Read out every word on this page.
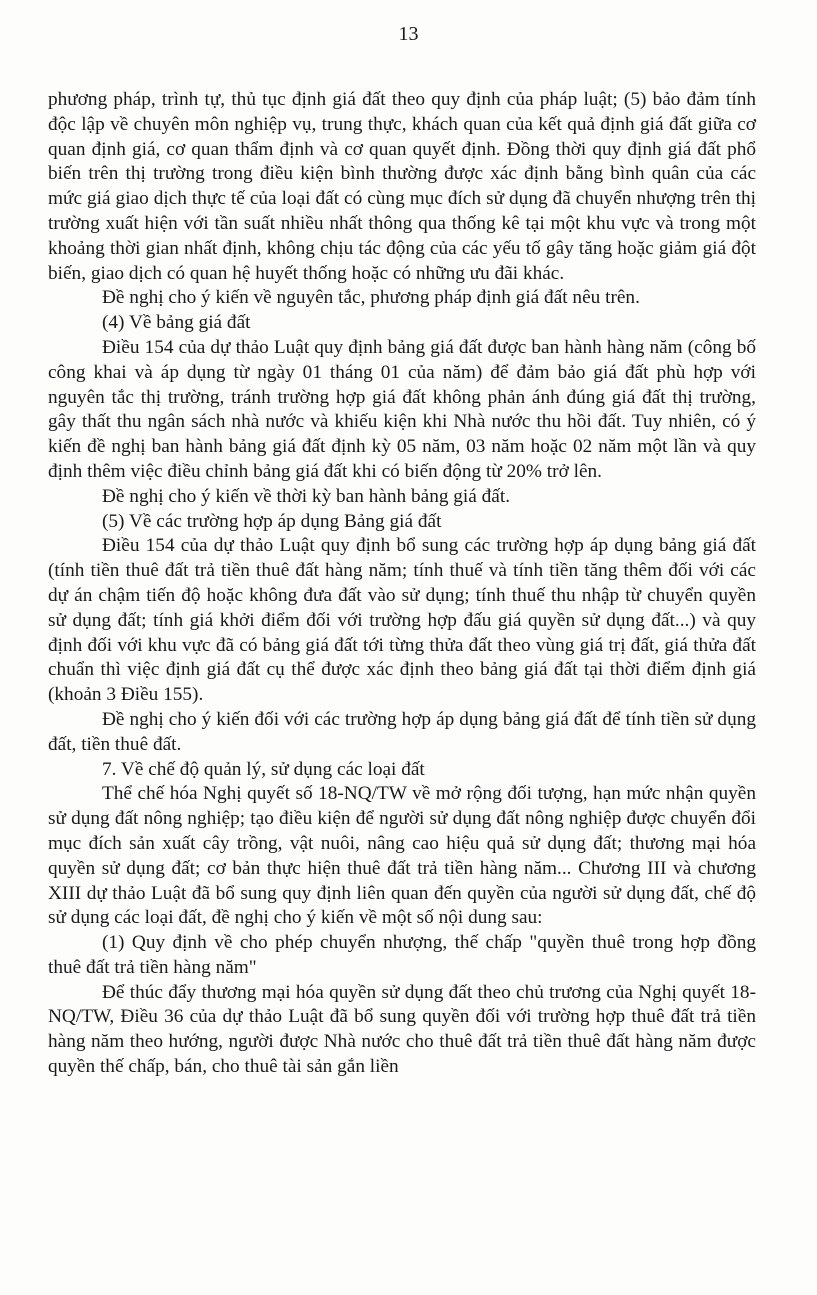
13

phương pháp, trình tự, thủ tục định giá đất theo quy định của pháp luật; (5) bảo đảm tính độc lập về chuyên môn nghiệp vụ, trung thực, khách quan của kết quả định giá đất giữa cơ quan định giá, cơ quan thẩm định và cơ quan quyết định. Đồng thời quy định giá đất phổ biến trên thị trường trong điều kiện bình thường được xác định bằng bình quân của các mức giá giao dịch thực tế của loại đất có cùng mục đích sử dụng đã chuyển nhượng trên thị trường xuất hiện với tần suất nhiều nhất thông qua thống kê tại một khu vực và trong một khoảng thời gian nhất định, không chịu tác động của các yếu tố gây tăng hoặc giảm giá đột biến, giao dịch có quan hệ huyết thống hoặc có những ưu đãi khác.

Đề nghị cho ý kiến về nguyên tắc, phương pháp định giá đất nêu trên.

(4) Về bảng giá đất

Điều 154 của dự thảo Luật quy định bảng giá đất được ban hành hàng năm (công bố công khai và áp dụng từ ngày 01 tháng 01 của năm) để đảm bảo giá đất phù hợp với nguyên tắc thị trường, tránh trường hợp giá đất không phản ánh đúng giá đất thị trường, gây thất thu ngân sách nhà nước và khiếu kiện khi Nhà nước thu hồi đất. Tuy nhiên, có ý kiến đề nghị ban hành bảng giá đất định kỳ 05 năm, 03 năm hoặc 02 năm một lần và quy định thêm việc điều chỉnh bảng giá đất khi có biến động từ 20% trở lên.

Đề nghị cho ý kiến về thời kỳ ban hành bảng giá đất.

(5) Về các trường hợp áp dụng Bảng giá đất

Điều 154 của dự thảo Luật quy định bổ sung các trường hợp áp dụng bảng giá đất (tính tiền thuê đất trả tiền thuê đất hàng năm; tính thuế và tính tiền tăng thêm đối với các dự án chậm tiến độ hoặc không đưa đất vào sử dụng; tính thuế thu nhập từ chuyển quyền sử dụng đất; tính giá khởi điểm đối với trường hợp đấu giá quyền sử dụng đất...) và quy định đối với khu vực đã có bảng giá đất tới từng thửa đất theo vùng giá trị đất, giá thửa đất chuẩn thì việc định giá đất cụ thể được xác định theo bảng giá đất tại thời điểm định giá (khoản 3 Điều 155).

Đề nghị cho ý kiến đối với các trường hợp áp dụng bảng giá đất để tính tiền sử dụng đất, tiền thuê đất.

7. Về chế độ quản lý, sử dụng các loại đất

Thể chế hóa Nghị quyết số 18-NQ/TW về mở rộng đối tượng, hạn mức nhận quyền sử dụng đất nông nghiệp; tạo điều kiện để người sử dụng đất nông nghiệp được chuyển đổi mục đích sản xuất cây trồng, vật nuôi, nâng cao hiệu quả sử dụng đất; thương mại hóa quyền sử dụng đất; cơ bản thực hiện thuê đất trả tiền hàng năm... Chương III và chương XIII dự thảo Luật đã bổ sung quy định liên quan đến quyền của người sử dụng đất, chế độ sử dụng các loại đất, đề nghị cho ý kiến về một số nội dung sau:

(1) Quy định về cho phép chuyển nhượng, thế chấp "quyền thuê trong hợp đồng thuê đất trả tiền hàng năm"

Để thúc đẩy thương mại hóa quyền sử dụng đất theo chủ trương của Nghị quyết 18-NQ/TW, Điều 36 của dự thảo Luật đã bổ sung quyền đối với trường hợp thuê đất trả tiền hàng năm theo hướng, người được Nhà nước cho thuê đất trả tiền thuê đất hàng năm được quyền thế chấp, bán, cho thuê tài sản gắn liền
